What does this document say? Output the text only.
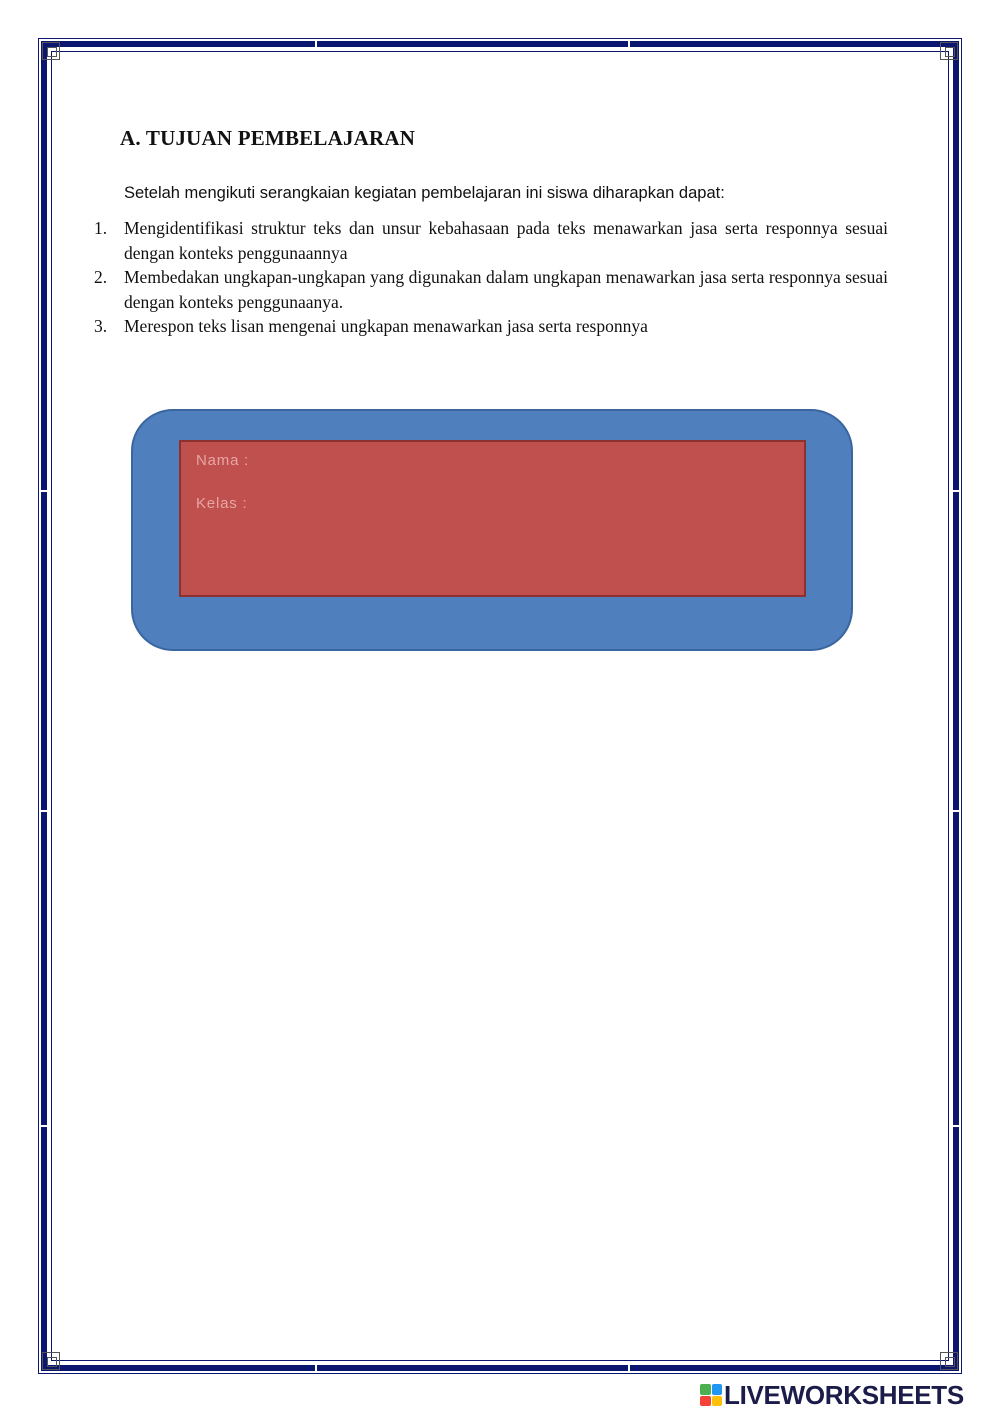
A. TUJUAN PEMBELAJARAN

Setelah mengikuti serangkaian kegiatan pembelajaran ini siswa diharapkan dapat:

1. Mengidentifikasi struktur teks dan unsur kebahasaan pada teks menawarkan jasa serta responnya sesuai dengan konteks penggunaannya
2. Membedakan ungkapan-ungkapan yang digunakan dalam ungkapan menawarkan jasa serta responnya sesuai dengan konteks penggunaanya.
3. Merespon teks lisan mengenai ungkapan menawarkan jasa serta responnya
Nama :
Kelas :
LIVEWORKSHEETS
